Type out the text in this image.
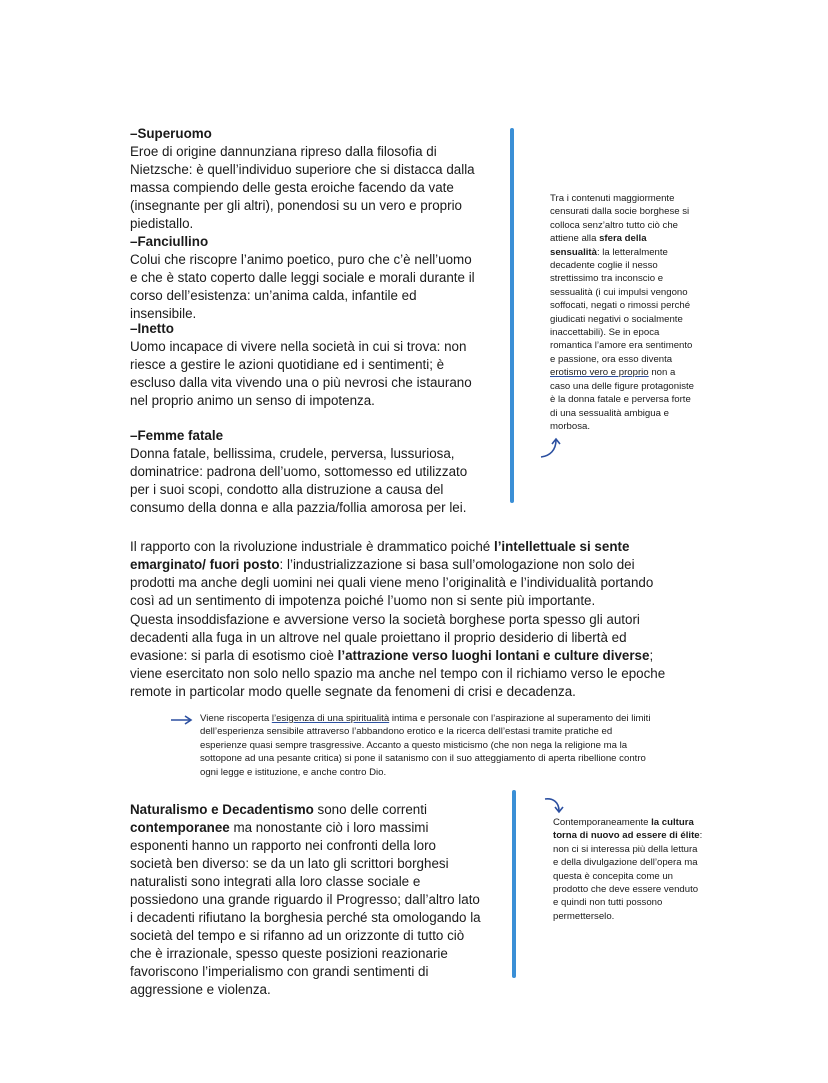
–Superuomo
Eroe di origine dannunziana ripreso dalla filosofia di Nietzsche: è quell’individuo superiore che si distacca dalla massa compiendo delle gesta eroiche facendo da vate (insegnante per gli altri), ponendosi su un vero e proprio piedistallo.
–Fanciullino
Colui che riscopre l’animo poetico, puro che c’è nell’uomo e che è stato coperto dalle leggi sociale e morali durante il corso dell’esistenza: un’anima calda, infantile ed insensibile.
–Inetto
Uomo incapace di vivere nella società in cui si trova: non riesce a gestire le azioni quotidiane ed i sentimenti; è escluso dalla vita vivendo una o più nevrosi che istaurano nel proprio animo un senso di impotenza.
–Femme fatale
Donna fatale, bellissima, crudele, perversa, lussuriosa, dominatrice: padrona dell’uomo, sottomesso ed utilizzato per i suoi scopi, condotto alla distruzione a causa del consumo della donna e alla pazzia/follia amorosa per lei.
Tra i contenuti maggiormente censurati dalla socie borghese si colloca senz’altro tutto ciò che attiene alla sfera della sensualità: la letteralmente decadente coglie il nesso strettissimo tra inconscio e sessualità (i cui impulsi vengono soffocati, negati o rimossi perché giudicati negativi o socialmente inaccettabili). Se in epoca romantica l’amore era sentimento e passione, ora esso diventa erotismo vero e proprio non a caso una delle figure protagoniste è la donna fatale e perversa forte di una sessualità ambigua e morbosa.
Il rapporto con la rivoluzione industriale è drammatico poiché l’intellettuale si sente emarginato/ fuori posto: l’industrializzazione si basa sull’omologazione non solo dei prodotti ma anche degli uomini nei quali viene meno l’originalità e l’individualità portando così ad un sentimento di impotenza poiché l’uomo non si sente più importante.
Questa insoddisfazione e avversione verso la società borghese porta spesso gli autori decadenti alla fuga in un altrove nel quale proiettano il proprio desiderio di libertà ed evasione: si parla di esotismo cioè l’attrazione verso luoghi lontani e culture diverse; viene esercitato non solo nello spazio ma anche nel tempo con il richiamo verso le epoche remote in particolar modo quelle segnate da fenomeni di crisi e decadenza.
Viene riscoperta l’esigenza di una spiritualità intima e personale con l’aspirazione al superamento dei limiti dell’esperienza sensibile attraverso l’abbandono erotico e la ricerca dell’estasi tramite pratiche ed esperienze quasi sempre trasgressive. Accanto a questo misticismo (che non nega la religione ma la sottopone ad una pesante critica) si pone il satanismo con il suo atteggiamento di aperta ribellione contro ogni legge e istituzione, e anche contro Dio.
Naturalismo e Decadentismo sono delle correnti contemporanee ma nonostante ciò i loro massimi esponenti hanno un rapporto nei confronti della loro società ben diverso: se da un lato gli scrittori borghesi naturalisti sono integrati alla loro classe sociale e possiedono una grande riguardo il Progresso; dall’altro lato i decadenti rifiutano la borghesia perché sta omologando la società del tempo e si rifanno ad un orizzonte di tutto ciò che è irrazionale, spesso queste posizioni reazionarie favoriscono l’imperialismo con grandi sentimenti di aggressione e violenza.
Contemporaneamente la cultura torna di nuovo ad essere di élite: non ci si interessa più della lettura e della divulgazione dell’opera ma questa è concepita come un prodotto che deve essere venduto e quindi non tutti possono permetterselo.
